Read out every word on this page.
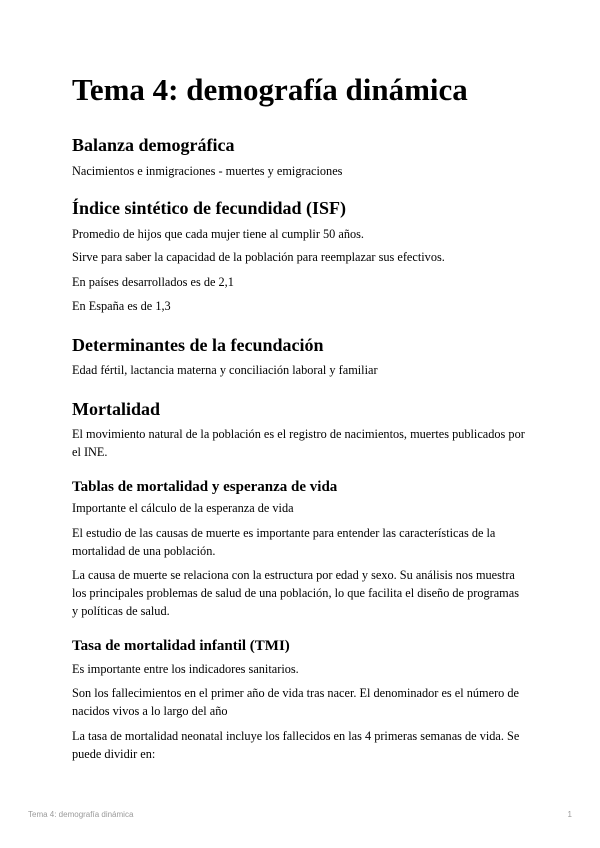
Tema 4: demografía dinámica
Balanza demográfica

Nacimientos e inmigraciones - muertes y emigraciones

Índice sintético de fecundidad (ISF)

Promedio de hijos que cada mujer tiene al cumplir 50 años.

Sirve para saber la capacidad de la población para reemplazar sus efectivos.

En países desarrollados es de 2,1

En España es de 1,3

Determinantes de la fecundación

Edad fértil, lactancia materna y conciliación laboral y familiar

Mortalidad

El movimiento natural de la población es el registro de nacimientos, muertes publicados por el INE.

Tablas de mortalidad y esperanza de vida

Importante el cálculo de la esperanza de vida

El estudio de las causas de muerte es importante para entender las características de la mortalidad de una población.

La causa de muerte se relaciona con la estructura por edad y sexo. Su análisis nos muestra los principales problemas de salud de una población, lo que facilita el diseño de programas y políticas de salud.

Tasa de mortalidad infantil (TMI)

Es importante entre los indicadores sanitarios.

Son los fallecimientos en el primer año de vida tras nacer. El denominador es el número de nacidos vivos a lo largo del año

La tasa de mortalidad neonatal incluye los fallecidos en las 4 primeras semanas de vida. Se puede dividir en:

Tema 4: demografía dinámica	1
